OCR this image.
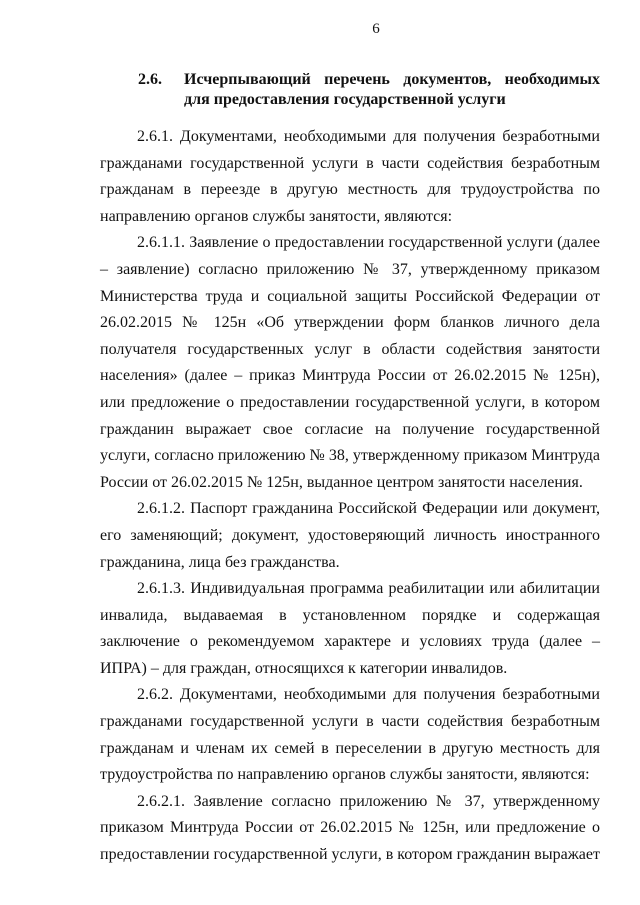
6
2.6.	Исчерпывающий перечень документов, необходимых для предоставления государственной услуги

2.6.1. Документами, необходимыми для получения безработными гражданами государственной услуги в части содействия безработным гражданам в переезде в другую местность для трудоустройства по направлению органов службы занятости, являются:

2.6.1.1. Заявление о предоставлении государственной услуги (далее – заявление) согласно приложению № 37, утвержденному приказом Министерства труда и социальной защиты Российской Федерации от 26.02.2015 № 125н «Об утверждении форм бланков личного дела получателя государственных услуг в области содействия занятости населения» (далее – приказ Минтруда России от 26.02.2015 № 125н), или предложение о предоставлении государственной услуги, в котором гражданин выражает свое согласие на получение государственной услуги, согласно приложению № 38, утвержденному приказом Минтруда России от 26.02.2015 № 125н, выданное центром занятости населения.

2.6.1.2. Паспорт гражданина Российской Федерации или документ, его заменяющий; документ, удостоверяющий личность иностранного гражданина, лица без гражданства.

2.6.1.3. Индивидуальная программа реабилитации или абилитации инвалида, выдаваемая в установленном порядке и содержащая заключение о рекомендуемом характере и условиях труда (далее – ИПРА) – для граждан, относящихся к категории инвалидов.

2.6.2. Документами, необходимыми для получения безработными гражданами государственной услуги в части содействия безработным гражданам и членам их семей в переселении в другую местность для трудоустройства по направлению органов службы занятости, являются:

2.6.2.1. Заявление согласно приложению № 37, утвержденному приказом Минтруда России от 26.02.2015 № 125н, или предложение о предоставлении государственной услуги, в котором гражданин выражает
